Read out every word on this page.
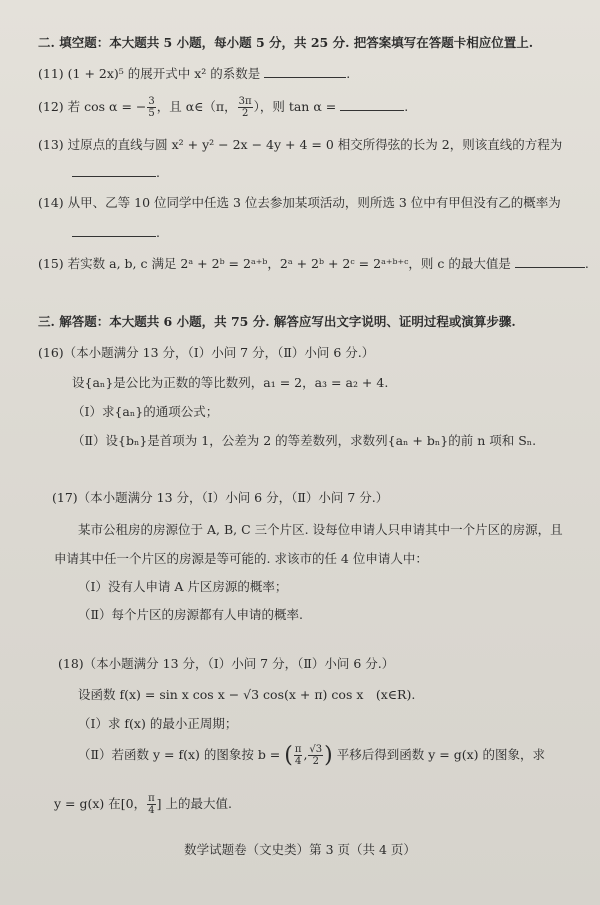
二. 填空题：本大题共 5 小题，每小题 5 分，共 25 分. 把答案填写在答题卡相应位置上.
(11) (1 + 2x)⁵ 的展开式中 x² 的系数是	.
(12) 若 cos α = − $\frac{3}{5}$ ，且 α∈（π， $\frac{3\pi}{2}$ ），则 tan α =	.
(13) 过原点的直线与圆 x² + y² − 2x − 4y + 4 = 0 相交所得弦的长为 2，则该直线的方程为
.
(14) 从甲、乙等 10 位同学中任选 3 位去参加某项活动，则所选 3 位中有甲但没有乙的概率为
.
(15) 若实数 a, b, c 满足 2ᵃ + 2ᵇ = 2ᵃ⁺ᵇ，2ᵃ + 2ᵇ + 2ᶜ = 2ᵃ⁺ᵇ⁺ᶜ，则 c 的最大值是	.
三. 解答题：本大题共 6 小题，共 75 分. 解答应写出文字说明、证明过程或演算步骤.
(16)（本小题满分 13 分，（Ⅰ）小问 7 分，（Ⅱ）小问 6 分.）
设{aₙ}是公比为正数的等比数列，a₁ = 2，a₃ = a₂ + 4.
（Ⅰ）求{aₙ}的通项公式；
（Ⅱ）设{bₙ}是首项为 1，公差为 2 的等差数列，求数列{aₙ + bₙ}的前 n 项和 Sₙ.
(17)（本小题满分 13 分，（Ⅰ）小问 6 分，（Ⅱ）小问 7 分.）
某市公租房的房源位于 A, B, C 三个片区. 设每位申请人只申请其中一个片区的房源，且
申请其中任一个片区的房源是等可能的. 求该市的任 4 位申请人中：
（Ⅰ）没有人申请 A 片区房源的概率；
（Ⅱ）每个片区的房源都有人申请的概率.
(18)（本小题满分 13 分，（Ⅰ）小问 7 分，（Ⅱ）小问 6 分.）
设函数 f(x) = sin x cos x − √3 cos(x + π) cos x　(x∈R).
（Ⅰ）求 f(x) 的最小正周期；
（Ⅱ）若函数 y = f(x) 的图象按 b = ( $\frac{\pi}{4}$ , $\frac{√3}{2}$ ) 平移后得到函数 y = g(x) 的图象，求
y = g(x) 在[0， $\frac{\pi}{4}$ ] 上的最大值.
数学试题卷（文史类）第 3 页（共 4 页）
